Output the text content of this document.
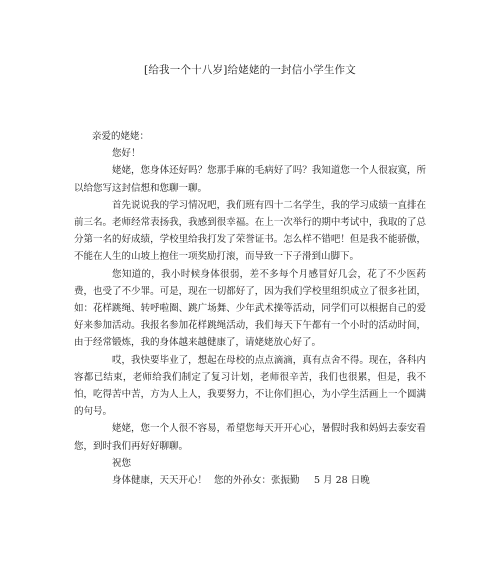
[给我一个十八岁]给姥姥的一封信小学生作文

亲爱的姥姥：

您好！

姥姥，您身体还好吗？您那手麻的毛病好了吗？我知道您一个人很寂寞，所以给您写这封信想和您聊一聊。

首先说说我的学习情况吧，我们班有四十二名学生，我的学习成绩一直排在前三名。老师经常表扬我，我感到很幸福。在上一次举行的期中考试中，我取的了总分第一名的好成绩，学校里给我打发了荣誉证书。怎么样不错吧！但是我不能骄傲，不能在人生的山坡上抱住一项奖励打滚，而导致一下子滑到山脚下。

您知道的，我小时候身体很弱，差不多每个月感冒好几会，花了不少医药费，也受了不少罪。可是，现在一切都好了，因为我们学校里组织成立了很多社团，如：花样跳绳、转呼啦圈、跳广场舞、少年武术操等活动，同学们可以根据自己的爱好来参加活动。我报名参加花样跳绳活动，我们每天下午都有一个小时的活动时间，由于经常锻炼，我的身体越来越健康了，请姥姥放心好了。

哎，我快要毕业了，想起在母校的点点滴滴，真有点舍不得。现在，各科内容都已结束，老师给我们制定了复习计划，老师很辛苦，我们也很累，但是，我不怕，吃得苦中苦，方为人上人，我要努力，不让你们担心，为小学生活画上一个圆满的句号。

姥姥，您一个人很不容易，希望您每天开开心心，暑假时我和妈妈去泰安看您，到时我们再好好聊聊。

祝您

身体健康，天天开心！ 您的外孙女：张振勤	5 月 28 日晚
